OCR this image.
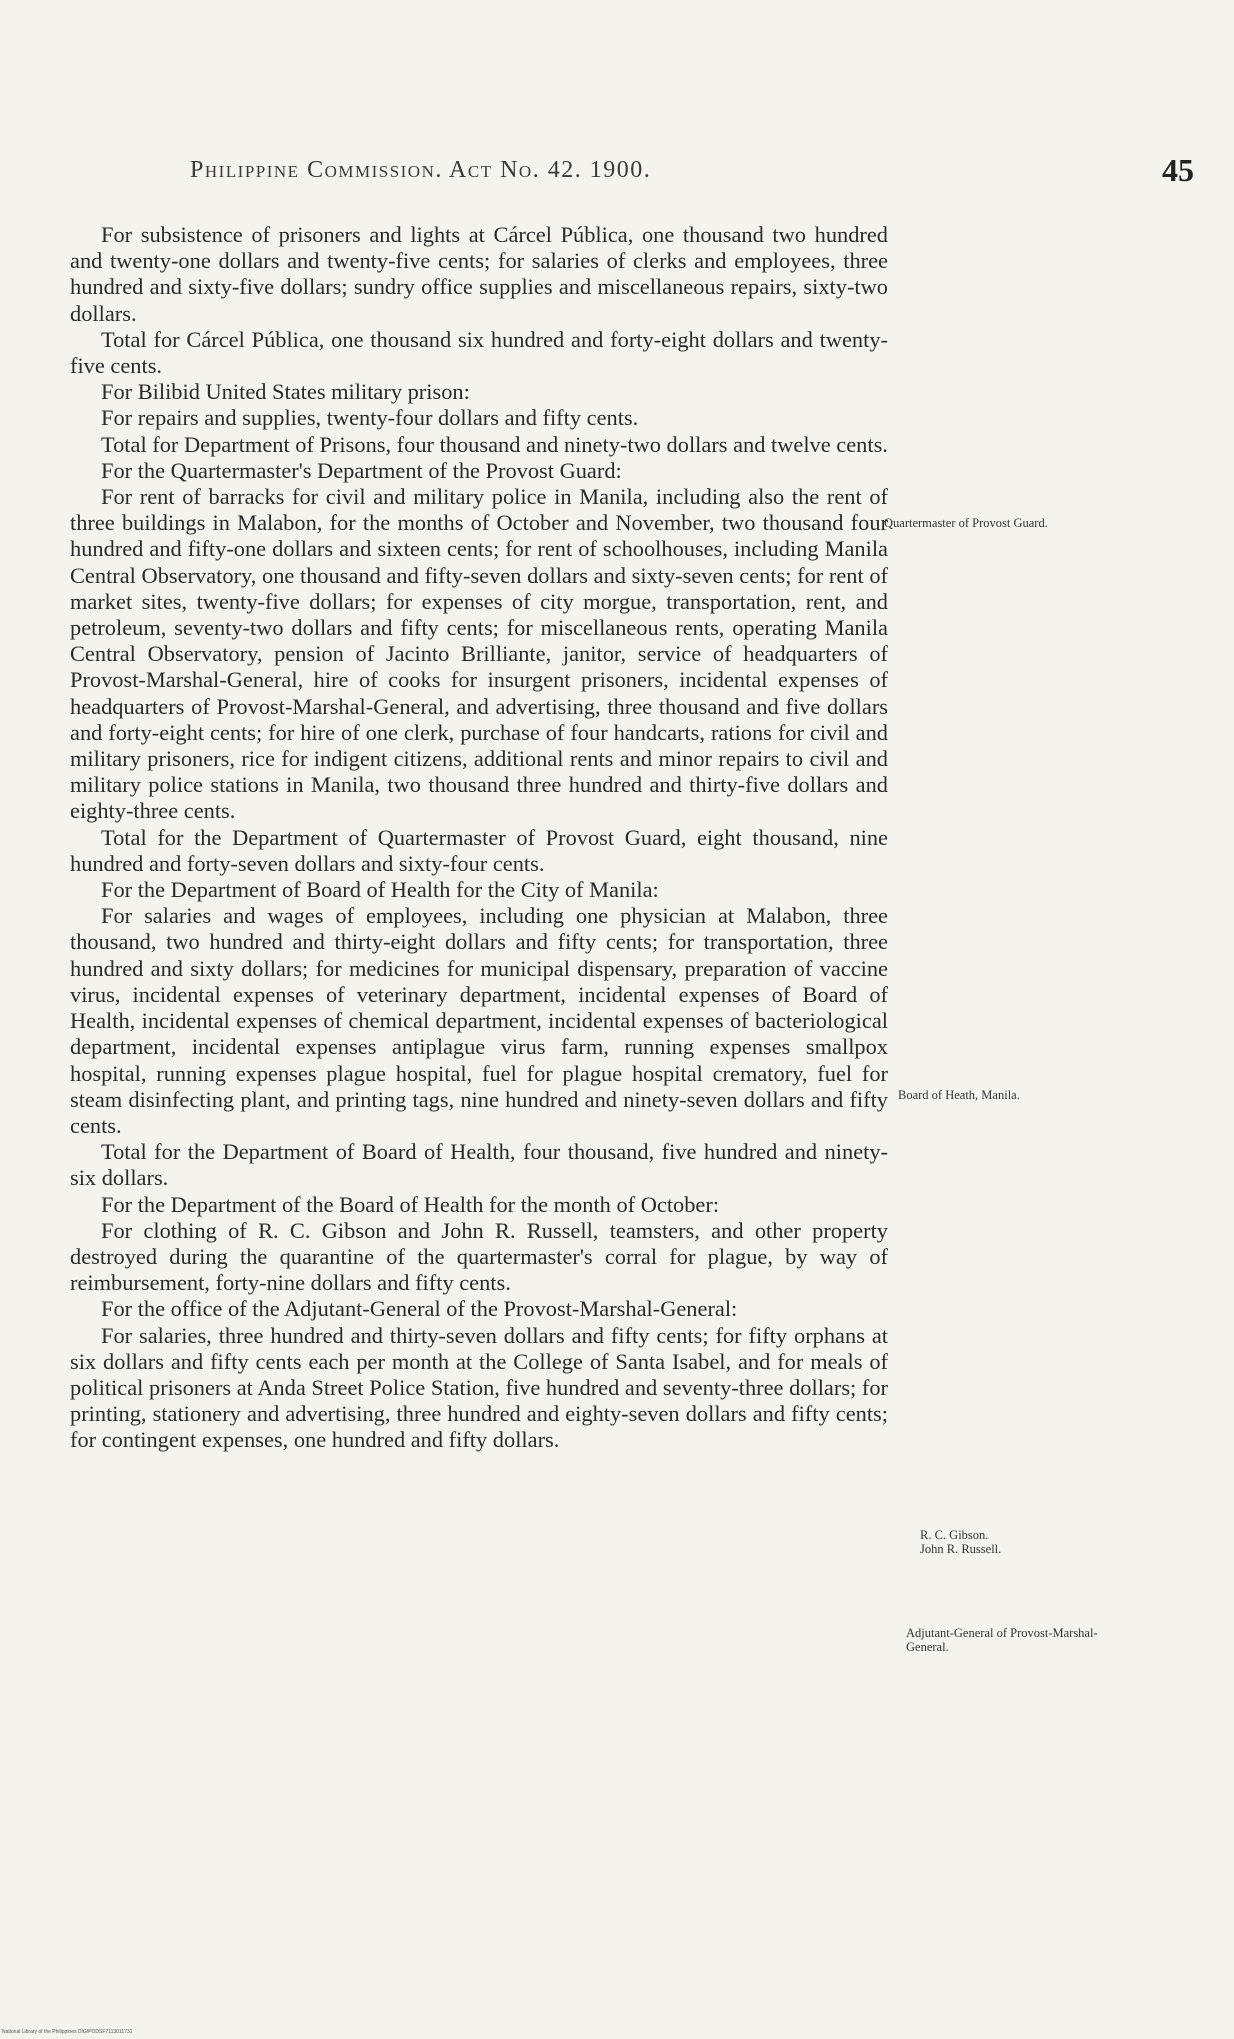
Philippine Commission. Act No. 42. 1900.	45

For subsistence of prisoners and lights at Cárcel Pública, one thousand two hundred and twenty-one dollars and twenty-five cents; for salaries of clerks and employees, three hundred and sixty-five dollars; sundry office supplies and miscellaneous repairs, sixty-two dollars.

Total for Cárcel Pública, one thousand six hundred and forty-eight dollars and twenty-five cents.

For Bilibid United States military prison:

For repairs and supplies, twenty-four dollars and fifty cents.

Total for Department of Prisons, four thousand and ninety-two dollars and twelve cents.

For the Quartermaster's Department of the Provost Guard:

For rent of barracks for civil and military police in Manila, including also the rent of three buildings in Malabon, for the months of October and November, two thousand four hundred and fifty-one dollars and sixteen cents; for rent of schoolhouses, including Manila Central Observatory, one thousand and fifty-seven dollars and sixty-seven cents; for rent of market sites, twenty-five dollars; for expenses of city morgue, transportation, rent, and petroleum, seventy-two dollars and fifty cents; for miscellaneous rents, operating Manila Central Observatory, pension of Jacinto Brilliante, janitor, service of headquarters of Provost-Marshal-General, hire of cooks for insurgent prisoners, incidental expenses of headquarters of Provost-Marshal-General, and advertising, three thousand and five dollars and forty-eight cents; for hire of one clerk, purchase of four handcarts, rations for civil and military prisoners, rice for indigent citizens, additional rents and minor repairs to civil and military police stations in Manila, two thousand three hundred and thirty-five dollars and eighty-three cents.

Total for the Department of Quartermaster of Provost Guard, eight thousand, nine hundred and forty-seven dollars and sixty-four cents.

For the Department of Board of Health for the City of Manila:

For salaries and wages of employees, including one physician at Malabon, three thousand, two hundred and thirty-eight dollars and fifty cents; for transportation, three hundred and sixty dollars; for medicines for municipal dispensary, preparation of vaccine virus, incidental expenses of veterinary department, incidental expenses of Board of Health, incidental expenses of chemical department, incidental expenses of bacteriological department, incidental expenses antiplague virus farm, running expenses smallpox hospital, running expenses plague hospital, fuel for plague hospital crematory, fuel for steam disinfecting plant, and printing tags, nine hundred and ninety-seven dollars and fifty cents.

Total for the Department of Board of Health, four thousand, five hundred and ninety-six dollars.

For the Department of the Board of Health for the month of October:

For clothing of R. C. Gibson and John R. Russell, teamsters, and other property destroyed during the quarantine of the quartermaster's corral for plague, by way of reimbursement, forty-nine dollars and fifty cents.

For the office of the Adjutant-General of the Provost-Marshal-General:

For salaries, three hundred and thirty-seven dollars and fifty cents; for fifty orphans at six dollars and fifty cents each per month at the College of Santa Isabel, and for meals of political prisoners at Anda Street Police Station, five hundred and seventy-three dollars; for printing, stationery and advertising, three hundred and eighty-seven dollars and fifty cents; for contingent expenses, one hundred and fifty dollars.

Quartermaster of Provost Guard.
Board of Heath, Manila.
R. C. Gibson.
John R. Russell.
Adjutant-General of Provost-Marshal-General.
National Library of the Philippines DIGIPODSF7113011731
